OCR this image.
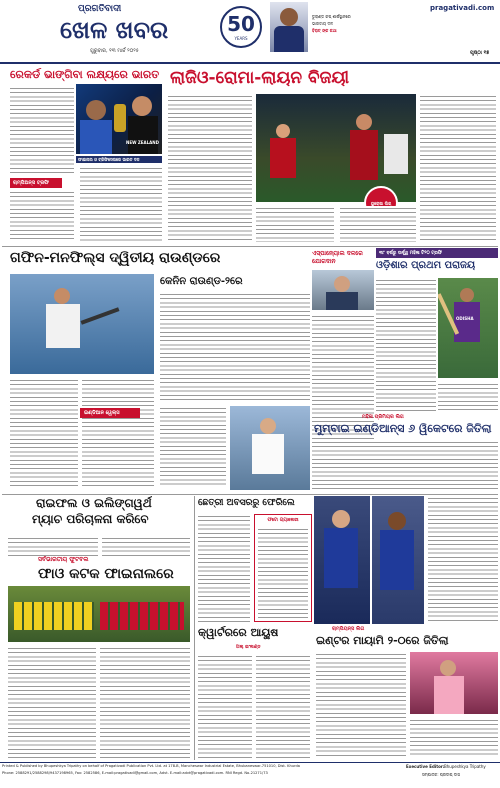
ପ୍ରଗତିବାଦୀ
ଖେଳ ଖବର
ଗୁରୁବାର, ୧୩ ମାର୍ଚ୍ଚ ୨୦୨୫
50
YEARS
ଡୁରାଣ୍ଡ କପ୍ ଶୀର୍ଷସ୍ଥାନରେ
ଭାରତୀୟ ଦଳ
ବିରାଟ୍ ଙ୍କ କଥା
pragativadi.com

ପୃଷ୍ଠା ୧୭
ରେକର୍ଡ ଭାଙ୍ଗିବା ଲକ୍ଷ୍ୟରେ ଭାରତ
NEW ZEALAND
ଫାଇନାଲ ଓ ଟ୍ରିଫିସେଲରେ ଭାରତ ଦଳ
ଚାମ୍ପିଅନ୍ସ ଟ୍ରଫି
ଲାଜିଓ-ରୋମା-ଲାୟନ ବିଜୟୀ
ୟୁରୋପା ଲିଗ୍
ଗଫିନ-ମନଫିଲ୍ସ ଦ୍ୱିତୀୟ ରାଉଣ୍ଡରେ
କେନିନ ରାଉଣ୍ଡ-୨ରେ
ଇଣ୍ଡିଆନ ୱେଲ୍ସ
ଏସ୍ପାନ୍ୟୋଲ ଦଳରେ ଯୋଗଦାନ
୩୮ ବର୍ଷରୁ ଊର୍ଦ୍ଧ୍ୱ ମହିଳା ଟି୨୦ ଟ୍ରଫି
ଓଡ଼ିଶାର ପ୍ରଥମ ପରାଜୟ
ODISHA
ମହିଳା ପ୍ରିମିୟର ଲିଗ
ମୁମ୍ବାଇ ଇଣ୍ଡିଆନ୍ସ ୬ ୱିକେଟରେ ଜିତିଲା
ରାଇଫଲ ଓ ଇଲିଙ୍ଗୱର୍ଥ
ମ୍ୟାଚ ପରିଚାଳନା କରିବେ
ସର୍ବଭାରତୀୟ ଫୁଟବଲ
ଫାଓ କଟକ ଫାଇନାଲରେ
ଛେତ୍ରୀ ଅବସରରୁ ଫେରିଲେ
ଫଟୋ ଗ୍ୟାଲେରୀ
କ୍ୱାର୍ଟରରେ ଆୟୁଷ
ଅଲ୍ ଇଂଲଣ୍ଡ
ଚାମ୍ପିୟନ୍ସ ଲିଗ
ଇଣ୍ଟର ମାୟାମି ୨-୦ରେ ଜିତିଲା
Printed & Published by Bhupeshkya Tripathy on behalf of Pragativadi Publication Pvt. Ltd. at 178-B, Mancheswar Industrial Estate, Bhubaneswar-751010, Dist. Khurda
Phone: 2588291/2588298/9437198965, Fax: 2582586, E-mail:pragativadi@gmail.com, Advt. E-mail:advt@pragativadi.com. RNI Regd. No-21271/73
Executive Editor: Bhupeshkya Tripathy
ସମ୍ପାଦକ: ପ୍ରଦୀପ୍ ଦାସ
